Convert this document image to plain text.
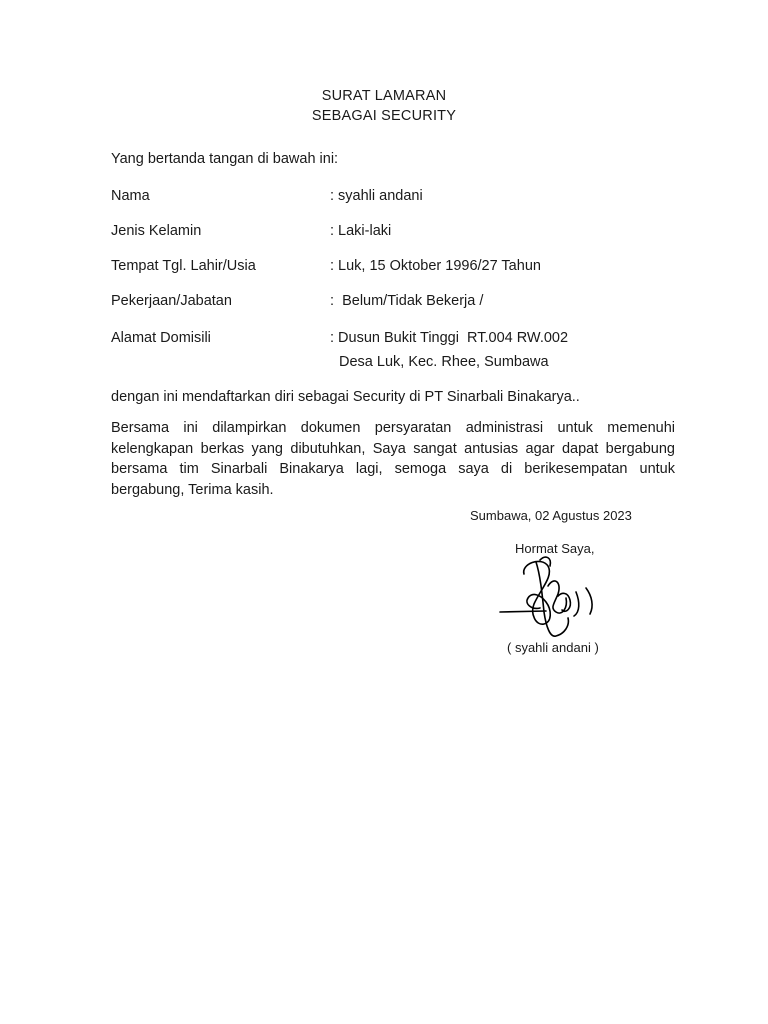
SURAT LAMARAN
SEBAGAI SECURITY
Yang bertanda tangan di bawah ini:
Nama	: syahli andani
Jenis Kelamin	: Laki-laki
Tempat Tgl. Lahir/Usia	: Luk, 15 Oktober 1996/27 Tahun
Pekerjaan/Jabatan	:  Belum/Tidak Bekerja /
Alamat Domisili	: Dusun Bukit Tinggi  RT.004 RW.002
Desa Luk, Kec. Rhee, Sumbawa
dengan ini mendaftarkan diri sebagai Security di PT Sinarbali Binakarya..
Bersama ini dilampirkan dokumen persyaratan administrasi untuk memenuhi kelengkapan berkas yang dibutuhkan, Saya sangat antusias agar dapat bergabung bersama tim Sinarbali Binakarya lagi, semoga saya di berikesempatan untuk bergabung, Terima kasih.
Sumbawa, 02 Agustus 2023
Hormat Saya,
( syahli andani )
